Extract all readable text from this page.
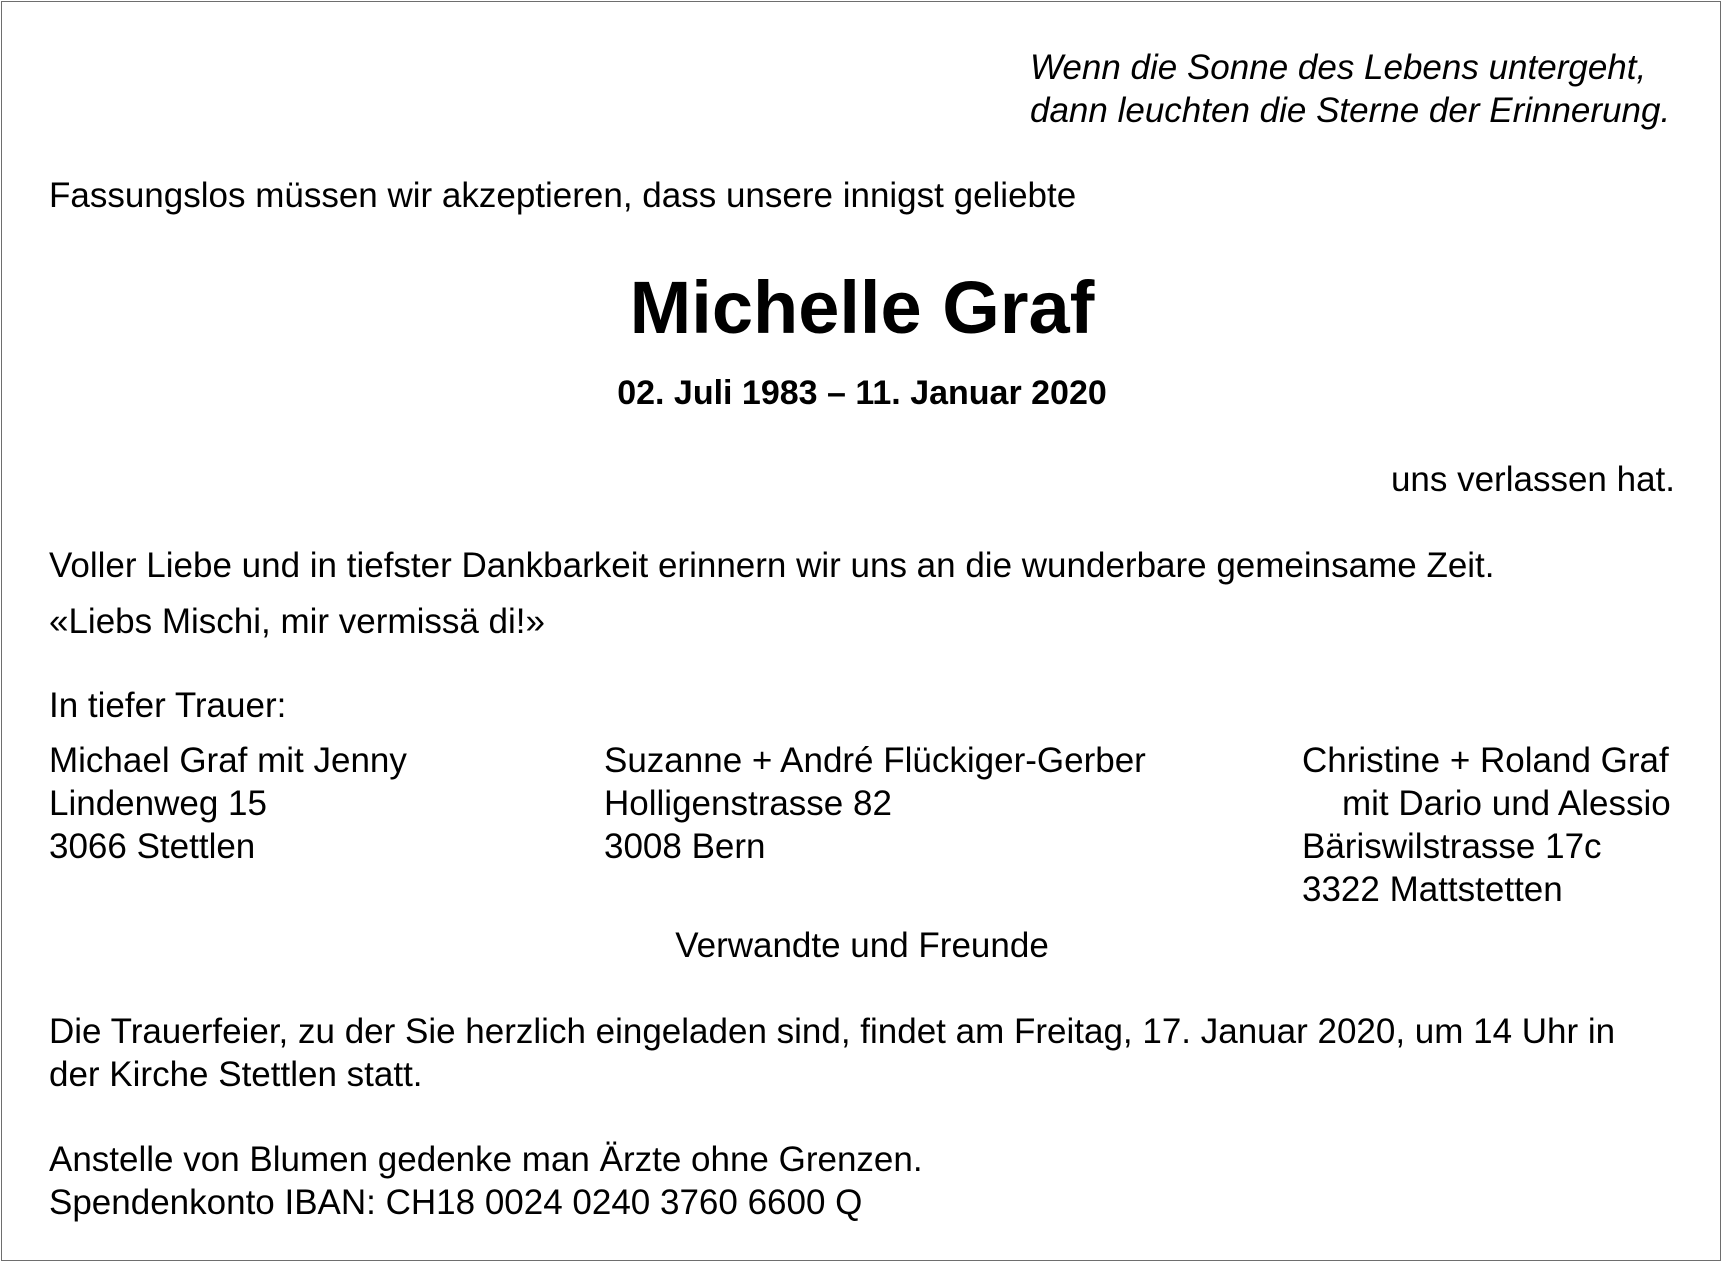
Wenn die Sonne des Lebens untergeht,
dann leuchten die Sterne der Erinnerung.
Fassungslos müssen wir akzeptieren, dass unsere innigst geliebte
Michelle Graf
02. Juli 1983 – 11. Januar 2020
uns verlassen hat.
Voller Liebe und in tiefster Dankbarkeit erinnern wir uns an die wunderbare gemeinsame Zeit.
«Liebs Mischi, mir vermissä di!»
In tiefer Trauer:
Michael Graf mit Jenny
Lindenweg 15
3066 Stettlen
Suzanne + André Flückiger-Gerber
Holligenstrasse 82
3008 Bern
Christine + Roland Graf
mit Dario und Alessio
Bäriswilstrasse 17c
3322 Mattstetten
Verwandte und Freunde
Die Trauerfeier, zu der Sie herzlich eingeladen sind, findet am Freitag, 17. Januar 2020, um 14 Uhr in
der Kirche Stettlen statt.
Anstelle von Blumen gedenke man Ärzte ohne Grenzen.
Spendenkonto IBAN: CH18 0024 0240 3760 6600 Q
